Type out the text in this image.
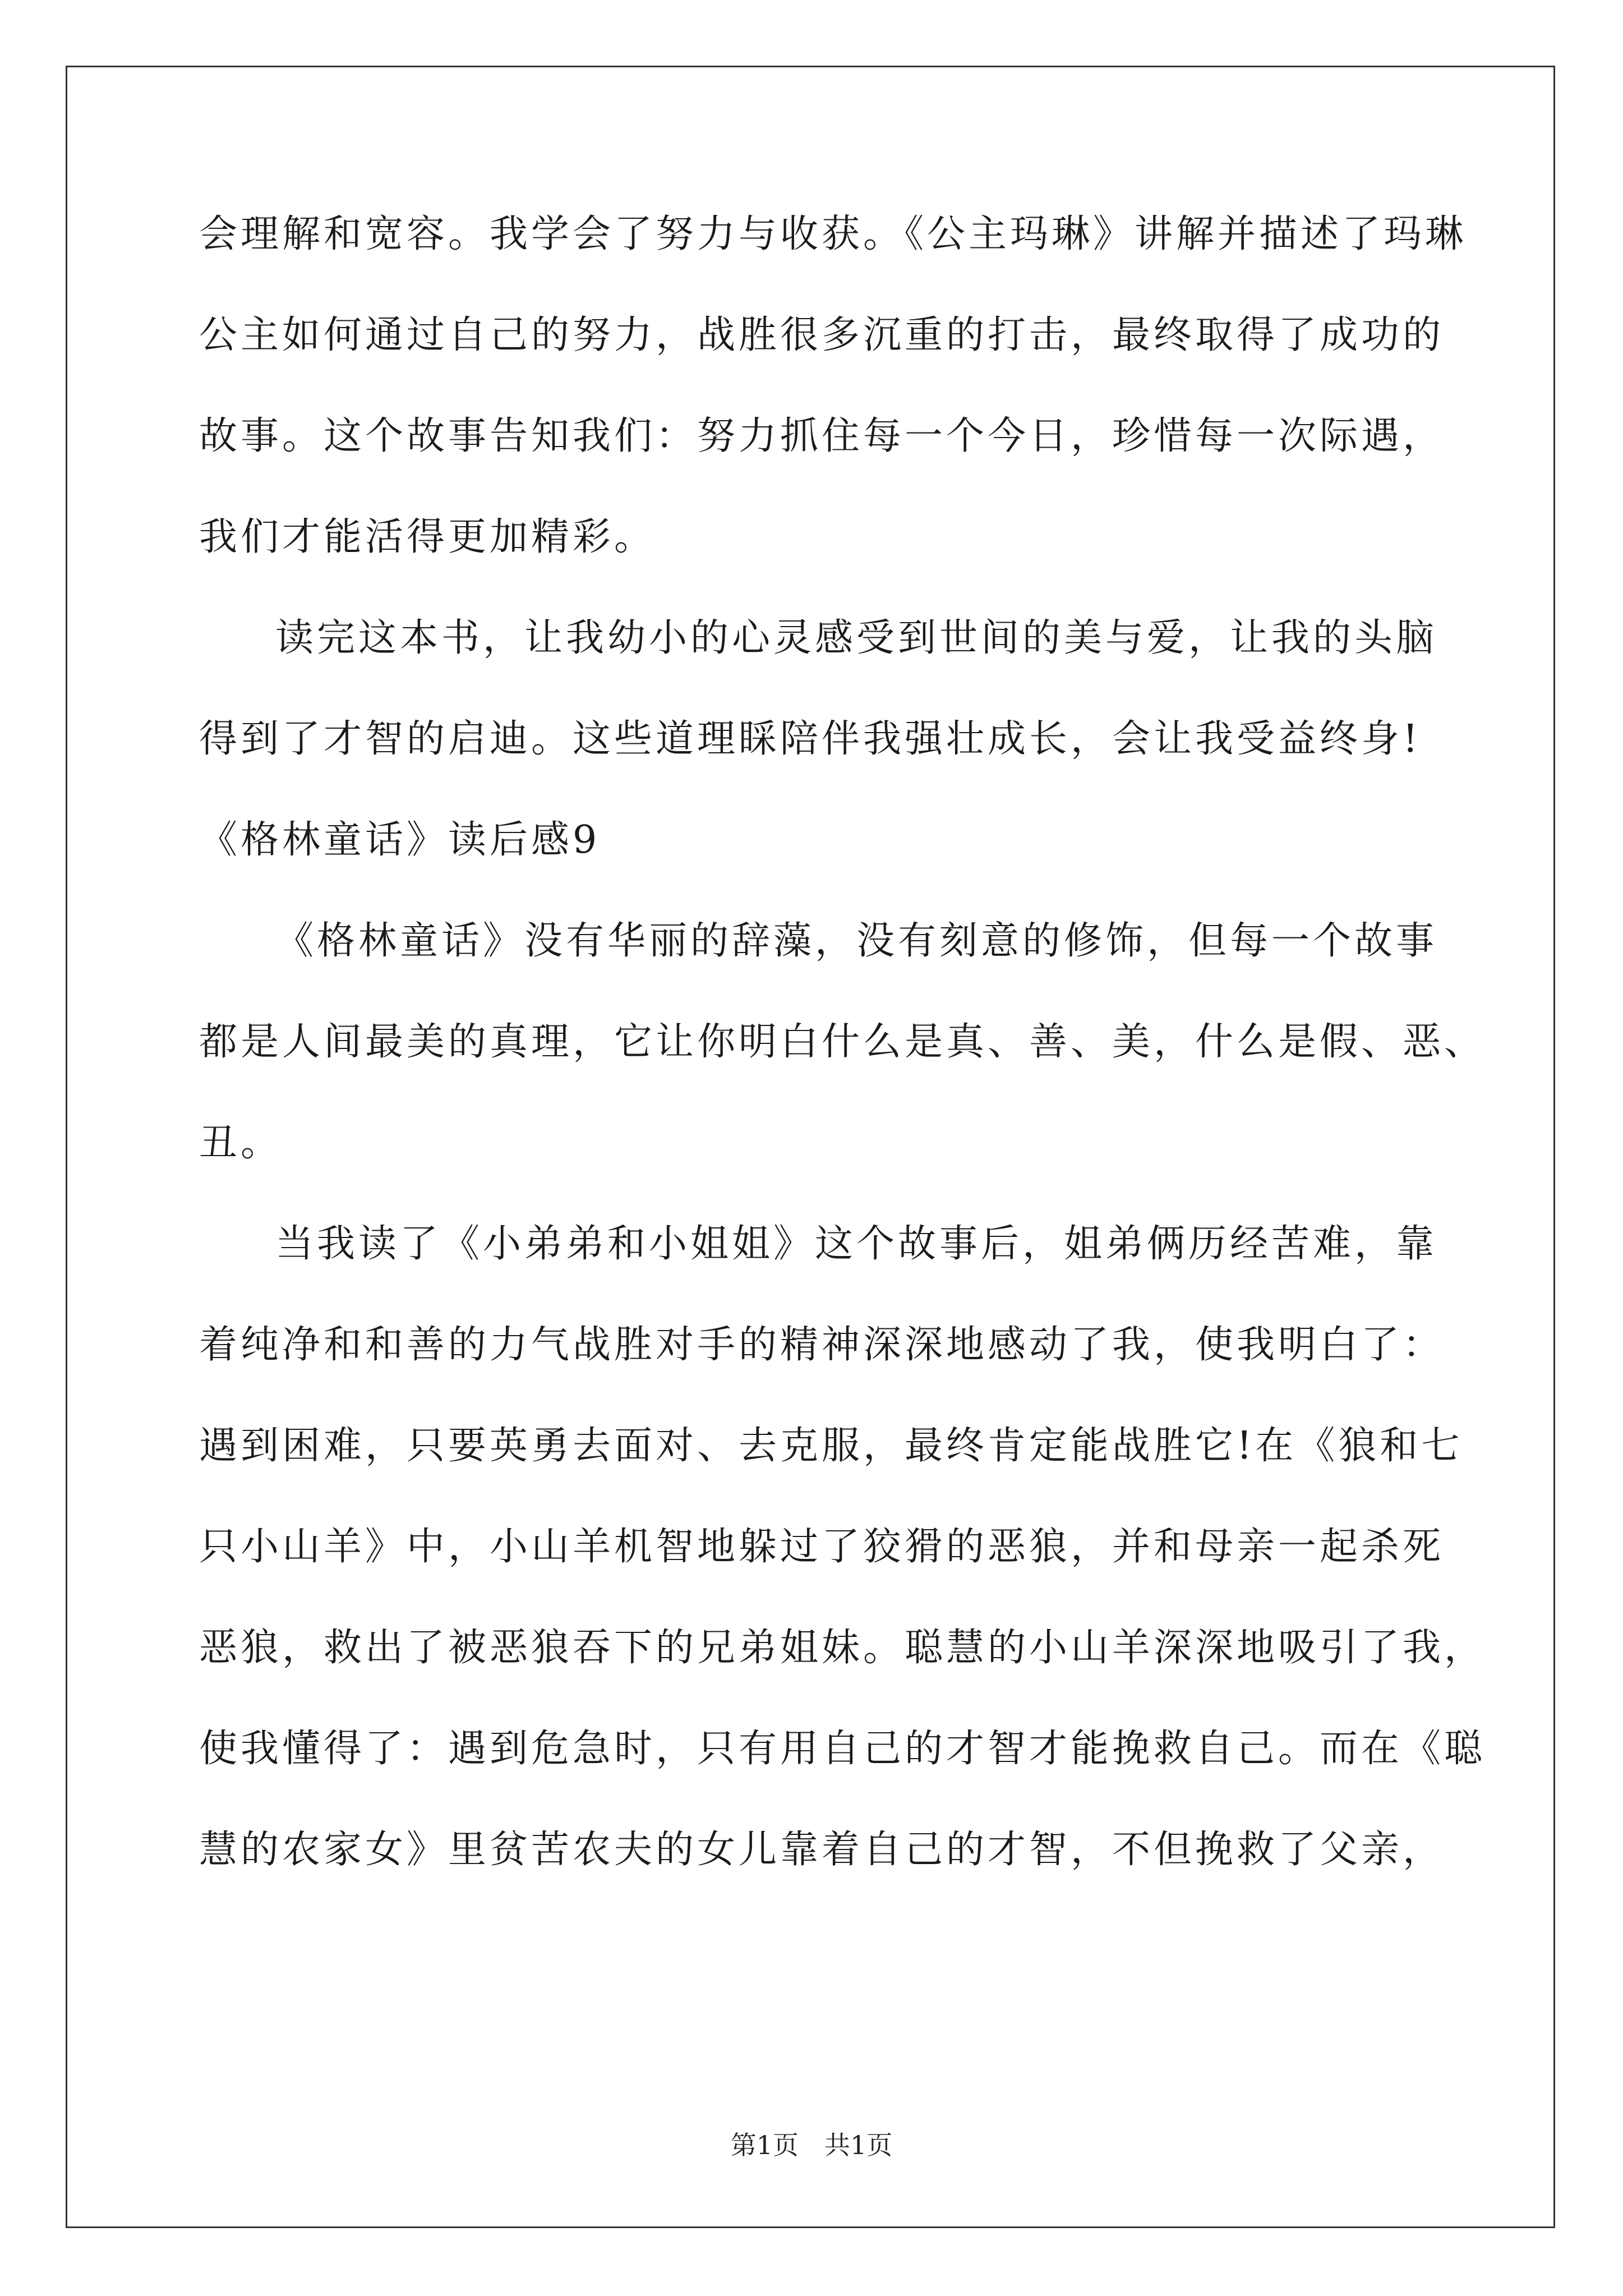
会理解和宽容。我学会了努力与收获。《公主玛琳》讲解并描述了玛琳

公主如何通过自己的努力，战胜很多沉重的打击，最终取得了成功的

故事。这个故事告知我们：努力抓住每一个今日，珍惜每一次际遇，

我们才能活得更加精彩。

读完这本书，让我幼小的心灵感受到世间的美与爱，让我的头脑

得到了才智的启迪。这些道理睬陪伴我强壮成长，会让我受益终身!

《格林童话》读后感9

《格林童话》没有华丽的辞藻，没有刻意的修饰，但每一个故事

都是人间最美的真理，它让你明白什么是真、善、美，什么是假、恶、

丑。

当我读了《小弟弟和小姐姐》这个故事后，姐弟俩历经苦难，靠

着纯净和和善的力气战胜对手的精神深深地感动了我，使我明白了：

遇到困难，只要英勇去面对、去克服，最终肯定能战胜它!在《狼和七

只小山羊》中，小山羊机智地躲过了狡猾的恶狼，并和母亲一起杀死

恶狼，救出了被恶狼吞下的兄弟姐妹。聪慧的小山羊深深地吸引了我，

使我懂得了：遇到危急时，只有用自己的才智才能挽救自己。而在《聪

慧的农家女》里贫苦农夫的女儿靠着自己的才智，不但挽救了父亲，

第1页　共1页
